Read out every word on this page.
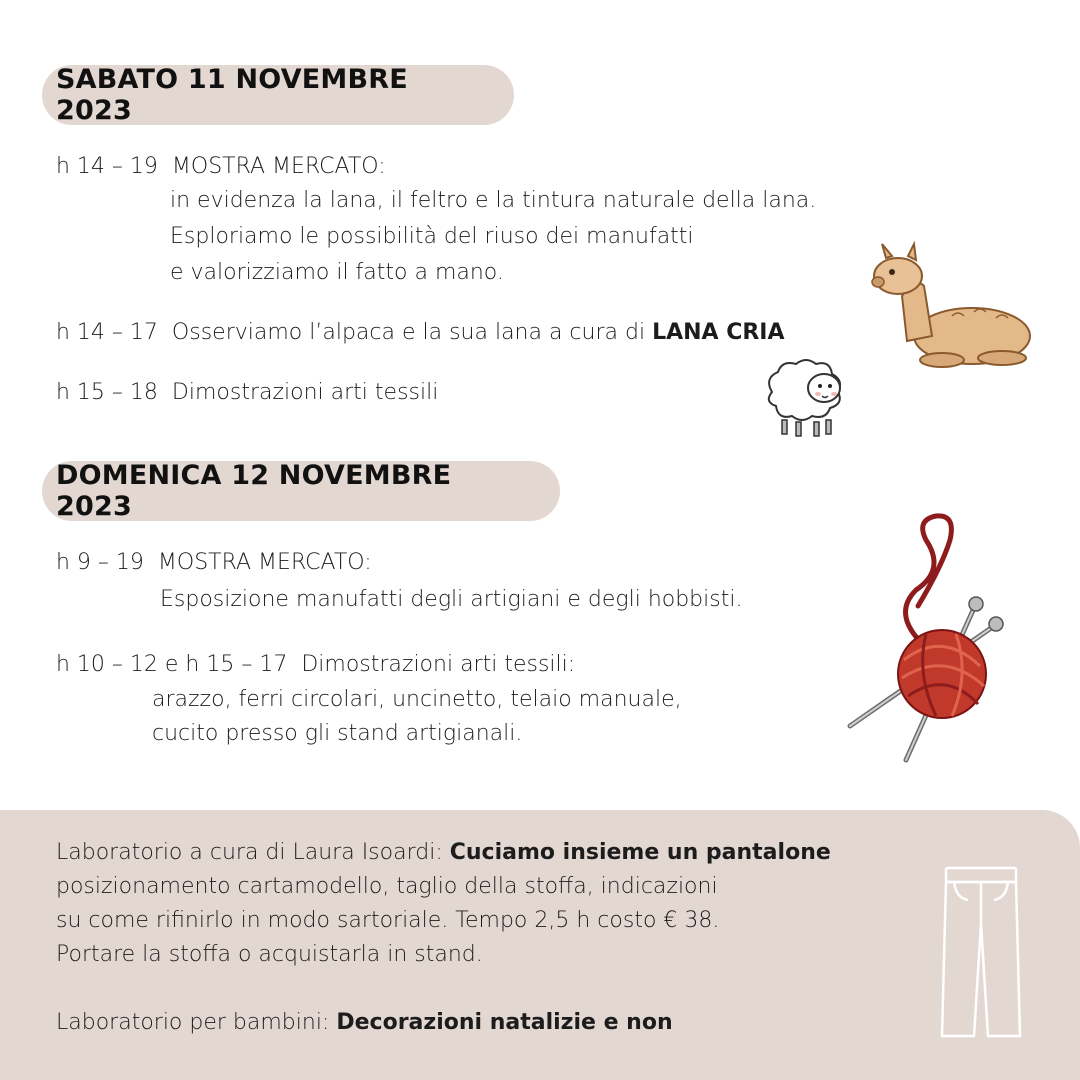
SABATO 11 NOVEMBRE 2023
h 14 – 19 MOSTRA MERCATO:
in evidenza la lana, il feltro e la tintura naturale della lana.
Esploriamo le possibilità del riuso dei manufatti
e valorizziamo il fatto a mano.
h 14 – 17 Osserviamo l’alpaca e la sua lana a cura di LANA CRIA
h 15 – 18 Dimostrazioni arti tessili
DOMENICA 12 NOVEMBRE 2023
h 9 – 19 MOSTRA MERCATO:
Esposizione manufatti degli artigiani e degli hobbisti.
h 10 – 12 e h 15 – 17 Dimostrazioni arti tessili:
arazzo, ferri circolari, uncinetto, telaio manuale,
cucito presso gli stand artigianali.
Laboratorio a cura di Laura Isoardi: Cuciamo insieme un pantalone
posizionamento cartamodello, taglio della stoffa, indicazioni
su come rifinirlo in modo sartoriale. Tempo 2,5 h costo € 38.
Portare la stoffa o acquistarla in stand.
Laboratorio per bambini: Decorazioni natalizie e non
